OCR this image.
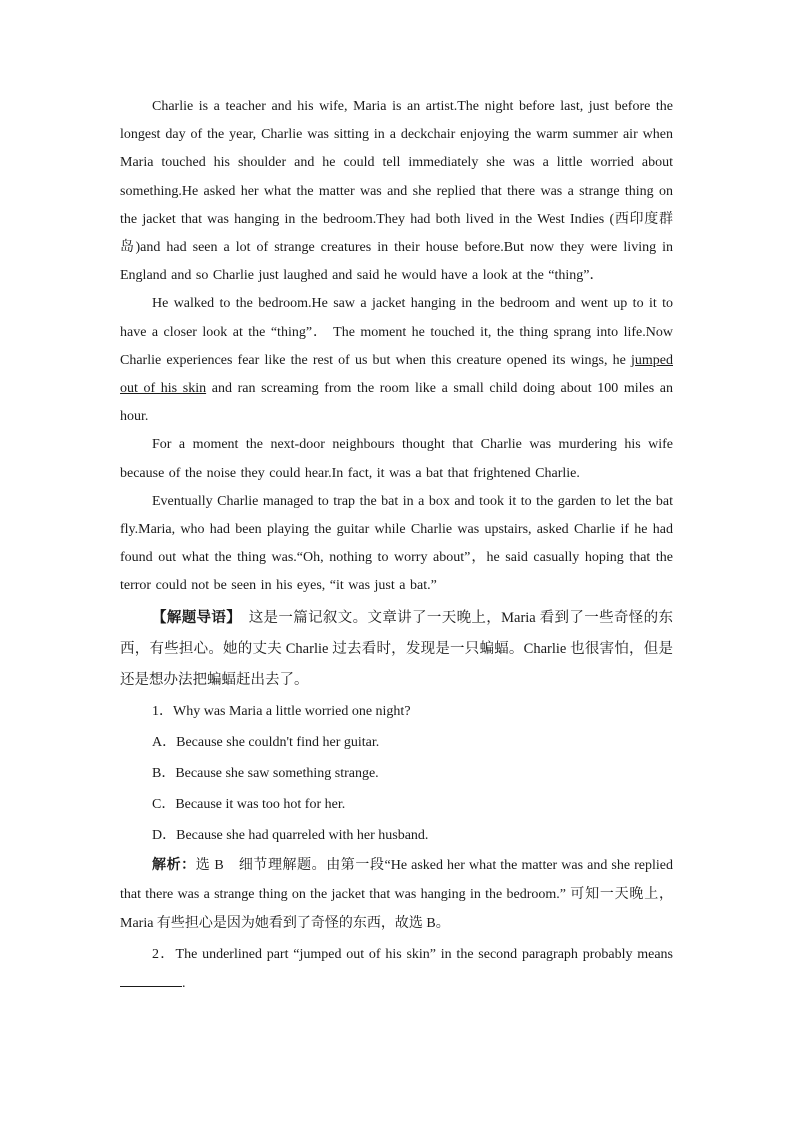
Charlie is a teacher and his wife, Maria is an artist.The night before last, just before the longest day of the year, Charlie was sitting in a deckchair enjoying the warm summer air when Maria touched his shoulder and he could tell immediately she was a little worried about something.He asked her what the matter was and she replied that there was a strange thing on the jacket that was hanging in the bedroom.They had both lived in the West Indies (西印度群岛)and had seen a lot of strange creatures in their house before.But now they were living in England and so Charlie just laughed and said he would have a look at the “thing”．

He walked to the bedroom.He saw a jacket hanging in the bedroom and went up to it to have a closer look at the “thing”． The moment he touched it, the thing sprang into life.Now Charlie experiences fear like the rest of us but when this creature opened its wings, he jumped out of his skin and ran screaming from the room like a small child doing about 100 miles an hour.

For a moment the next-door neighbours thought that Charlie was murdering his wife because of the noise they could hear.In fact, it was a bat that frightened Charlie.

Eventually Charlie managed to trap the bat in a box and took it to the garden to let the bat fly.Maria, who had been playing the guitar while Charlie was upstairs, asked Charlie if he had found out what the thing was.“Oh, nothing to worry about”，he said casually hoping that the terror could not be seen in his eyes, “it was just a bat.”

【解题导语】　这是一篇记叙文。文章讲了一天晚上，Maria 看到了一些奇怪的东西，有些担心。她的丈夫 Charlie 过去看时，发现是一只蝙蝠。Charlie 也很害怕，但是还是想办法把蝙蝠赶出去了。

1．Why was Maria a little worried one night?

A．Because she couldn't find her guitar.

B．Because she saw something strange.

C．Because it was too hot for her.

D．Because she had quarreled with her husband.

解析：选 B　细节理解题。由第一段“He asked her what the matter was and she replied that there was a strange thing on the jacket that was hanging in the bedroom.” 可知一天晚上，Maria 有些担心是因为她看到了奇怪的东西，故选 B。

2．The underlined part “jumped out of his skin” in the second paragraph probably means .
